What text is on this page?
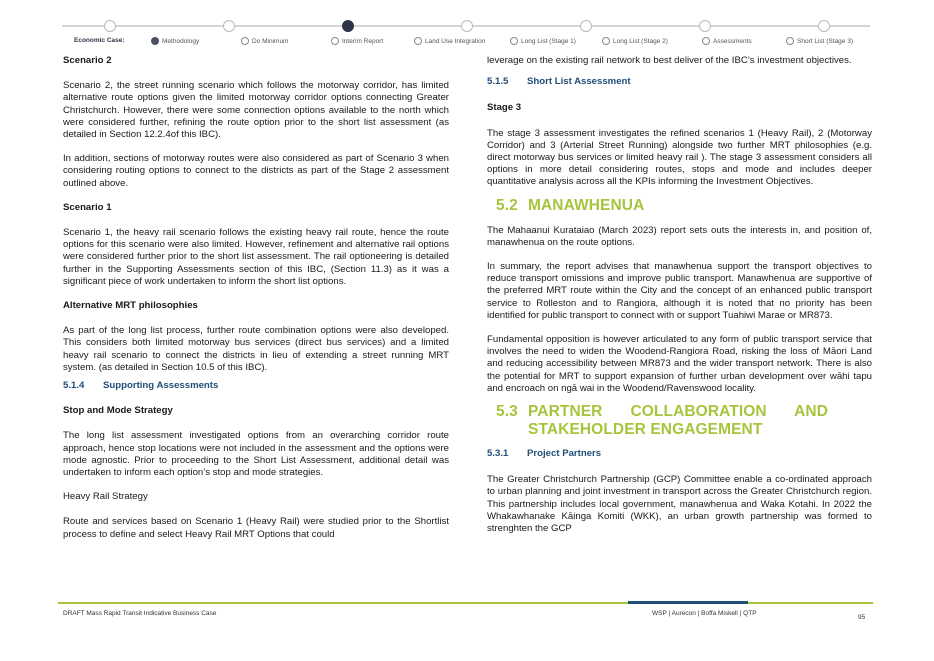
Economic Case:	Methodology	Do Minimum	Interim Report	Land Use Integration	Long List (Stage 1)	Long List (Stage 2)	Assessments	Short List (Stage 3)
Scenario 2

Scenario 2, the street running scenario which follows the motorway corridor, has limited alternative route options given the limited motorway corridor options connecting Greater Christchurch. However, there were some connection options available to the north which were considered further, refining the route option prior to the short list assessment (as detailed in Section 12.2.4of this IBC).

In addition, sections of motorway routes were also considered as part of Scenario 3 when considering routing options to connect to the districts as part of the Stage 2 assessment outlined above.

Scenario 1

Scenario 1, the heavy rail scenario follows the existing heavy rail route, hence the route options for this scenario were also limited. However, refinement and alternative rail options were considered further prior to the short list assessment. The rail optioneering is detailed further in the Supporting Assessments section of this IBC, (Section 11.3) as it was a significant piece of work undertaken to inform the short list options.

Alternative MRT philosophies

As part of the long list process, further route combination options were also developed. This considers both limited motorway bus services (direct bus services) and a limited heavy rail scenario to connect the districts in lieu of extending a street running MRT system. (as detailed in Section 10.5 of this IBC).

5.1.4	Supporting Assessments
Stop and Mode Strategy

The long list assessment investigated options from an overarching corridor route approach, hence stop locations were not included in the assessment and the options were mode agnostic. Prior to proceeding to the Short List Assessment, additional detail was undertaken to inform each option’s stop and mode strategies.

Heavy Rail Strategy

Route and services based on Scenario 1 (Heavy Rail) were studied prior to the Shortlist process to define and select Heavy Rail MRT Options that could

leverage on the existing rail network to best deliver of the IBC’s investment objectives.

5.1.5	Short List Assessment
Stage 3

The stage 3 assessment investigates the refined scenarios 1 (Heavy Rail), 2 (Motorway Corridor) and 3 (Arterial Street Running) alongside two further MRT philosophies (e.g. direct motorway bus services or limited heavy rail ). The stage 3 assessment considers all options in more detail considering routes, stops and mode and includes deeper quantitative analysis across all the KPIs informing the Investment Objectives.

5.2 MANAWHENUA

The Mahaanui Kurataiao (March 2023) report sets outs the interests in, and position of, manawhenua on the route options.

In summary, the report advises that manawhenua support the transport objectives to reduce transport omissions and improve public transport. Manawhenua are supportive of the preferred MRT route within the City and the concept of an enhanced public transport service to Rolleston and to Rangiora, although it is noted that no priority has been identified for public transport to connect with or support Tuahiwi Marae or MR873.

Fundamental opposition is however articulated to any form of public transport service that involves the need to widen the Woodend-Rangiora Road, risking the loss of Māori Land and reducing accessibility between MR873 and the wider transport network. There is also the potential for MRT to support expansion of further urban development over wāhi tapu and encroach on ngā wai in the Woodend/Ravenswood locality.

5.3 PARTNER COLLABORATION AND STAKEHOLDER ENGAGEMENT
5.3.1	Project Partners

The Greater Christchurch Partnership (GCP) Committee enable a co-ordinated approach to urban planning and joint investment in transport across the Greater Christchurch region. This partnership includes local government, manawhenua and Waka Kotahi. In 2022 the Whakawhanake Kāinga Komiti (WKK), an urban growth partnership was formed to strenghten the GCP

DRAFT Mass Rapid Transit Indicative Business Case	WSP | Aurecon | Boffa Miskell | QTP
95
